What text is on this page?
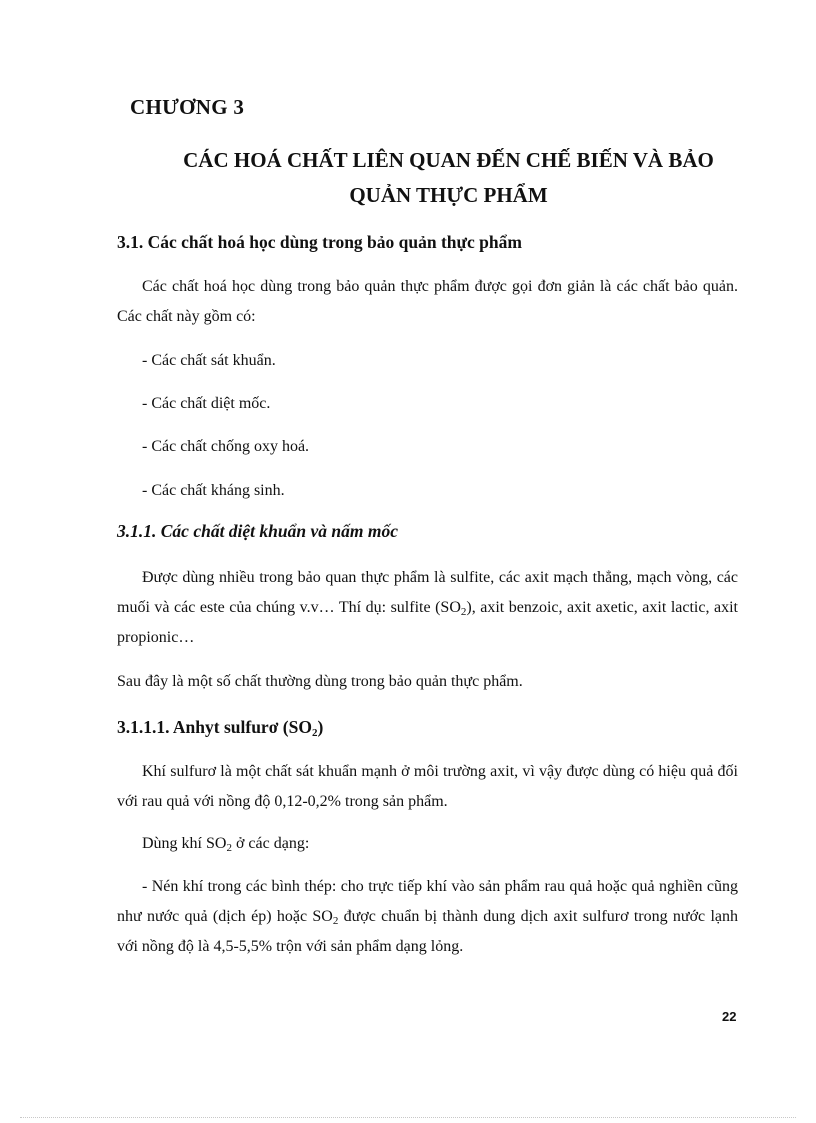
CHƯƠNG 3
CÁC HOÁ CHẤT LIÊN QUAN ĐẾN CHẾ BIẾN VÀ BẢO
QUẢN THỰC PHẨM
3.1. Các chất hoá học dùng trong bảo quản thực phẩm
Các chất hoá học dùng trong bảo quản thực phẩm được gọi đơn giản là các chất bảo quản. Các chất này gồm có:
- Các chất sát khuẩn.
- Các chất diệt mốc.
- Các chất chống oxy hoá.
- Các chất kháng sinh.
3.1.1. Các chất diệt khuẩn và nấm mốc
Được dùng nhiều trong bảo quan thực phẩm là sulfite, các axit mạch thẳng, mạch vòng, các muối và các este của chúng v.v… Thí dụ: sulfite $(SO_2)$, axit benzoic, axit axetic, axit lactic, axit propionic…
Sau đây là một số chất thường dùng trong bảo quản thực phẩm.
3.1.1.1. Anhyt sulfurơ $(SO_2)$
Khí sulfurơ là một chất sát khuẩn mạnh ở môi trường axit, vì vậy được dùng có hiệu quả đối với rau quả với nồng độ 0,12-0,2% trong sản phẩm.
Dùng khí $SO_2$ ở các dạng:
- Nén khí trong các bình thép: cho trực tiếp khí vào sản phẩm rau quả hoặc quả nghiền cũng như nước quả (dịch ép) hoặc $SO_2$ được chuẩn bị thành dung dịch axit sulfurơ trong nước lạnh với nồng độ là 4,5-5,5% trộn với sản phẩm dạng lỏng.
22
